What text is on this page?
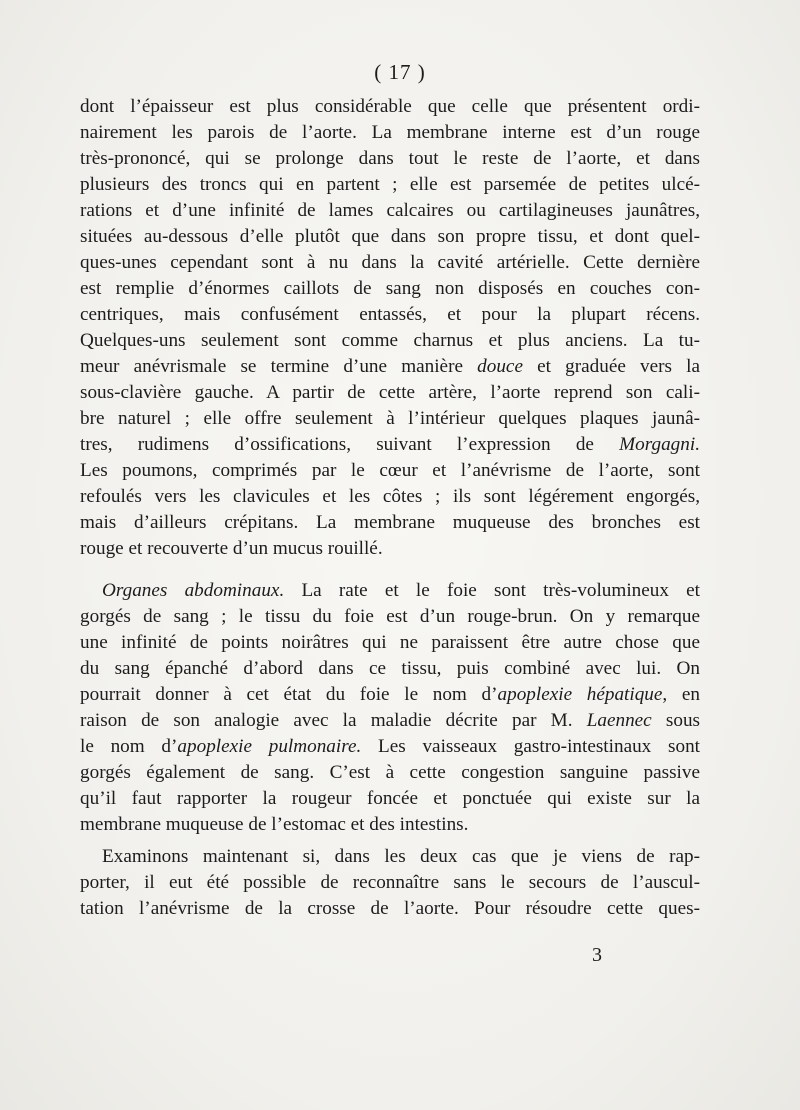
( 17 )

dont l’épaisseur est plus considérable que celle que présentent ordi-
nairement les parois de l’aorte. La membrane interne est d’un rouge
très-prononcé, qui se prolonge dans tout le reste de l’aorte, et dans
plusieurs des troncs qui en partent ; elle est parsemée de petites ulcé-
rations et d’une infinité de lames calcaires ou cartilagineuses jaunâtres,
situées au-dessous d’elle plutôt que dans son propre tissu, et dont quel-
ques-unes cependant sont à nu dans la cavité artérielle. Cette dernière
est remplie d’énormes caillots de sang non disposés en couches con-
centriques, mais confusément entassés, et pour la plupart récens.
Quelques-uns seulement sont comme charnus et plus anciens. La tu-
meur anévrismale se termine d’une manière douce et graduée vers la
sous-clavière gauche. A partir de cette artère, l’aorte reprend son cali-
bre naturel ; elle offre seulement à l’intérieur quelques plaques jaunâ-
tres, rudimens d’ossifications, suivant l’expression de Morgagni.
Les poumons, comprimés par le cœur et l’anévrisme de l’aorte, sont
refoulés vers les clavicules et les côtes ; ils sont légérement engorgés,
mais d’ailleurs crépitans. La membrane muqueuse des bronches est
rouge et recouverte d’un mucus rouillé.

Organes abdominaux. La rate et le foie sont très-volumineux et
gorgés de sang ; le tissu du foie est d’un rouge-brun. On y remarque
une infinité de points noirâtres qui ne paraissent être autre chose que
du sang épanché d’abord dans ce tissu, puis combiné avec lui. On
pourrait donner à cet état du foie le nom d’apoplexie hépatique, en
raison de son analogie avec la maladie décrite par M. Laennec sous
le nom d’apoplexie pulmonaire. Les vaisseaux gastro-intestinaux sont
gorgés également de sang. C’est à cette congestion sanguine passive
qu’il faut rapporter la rougeur foncée et ponctuée qui existe sur la
membrane muqueuse de l’estomac et des intestins.

Examinons maintenant si, dans les deux cas que je viens de rap-
porter, il eut été possible de reconnaître sans le secours de l’auscul-
tation l’anévrisme de la crosse de l’aorte. Pour résoudre cette ques-

3
